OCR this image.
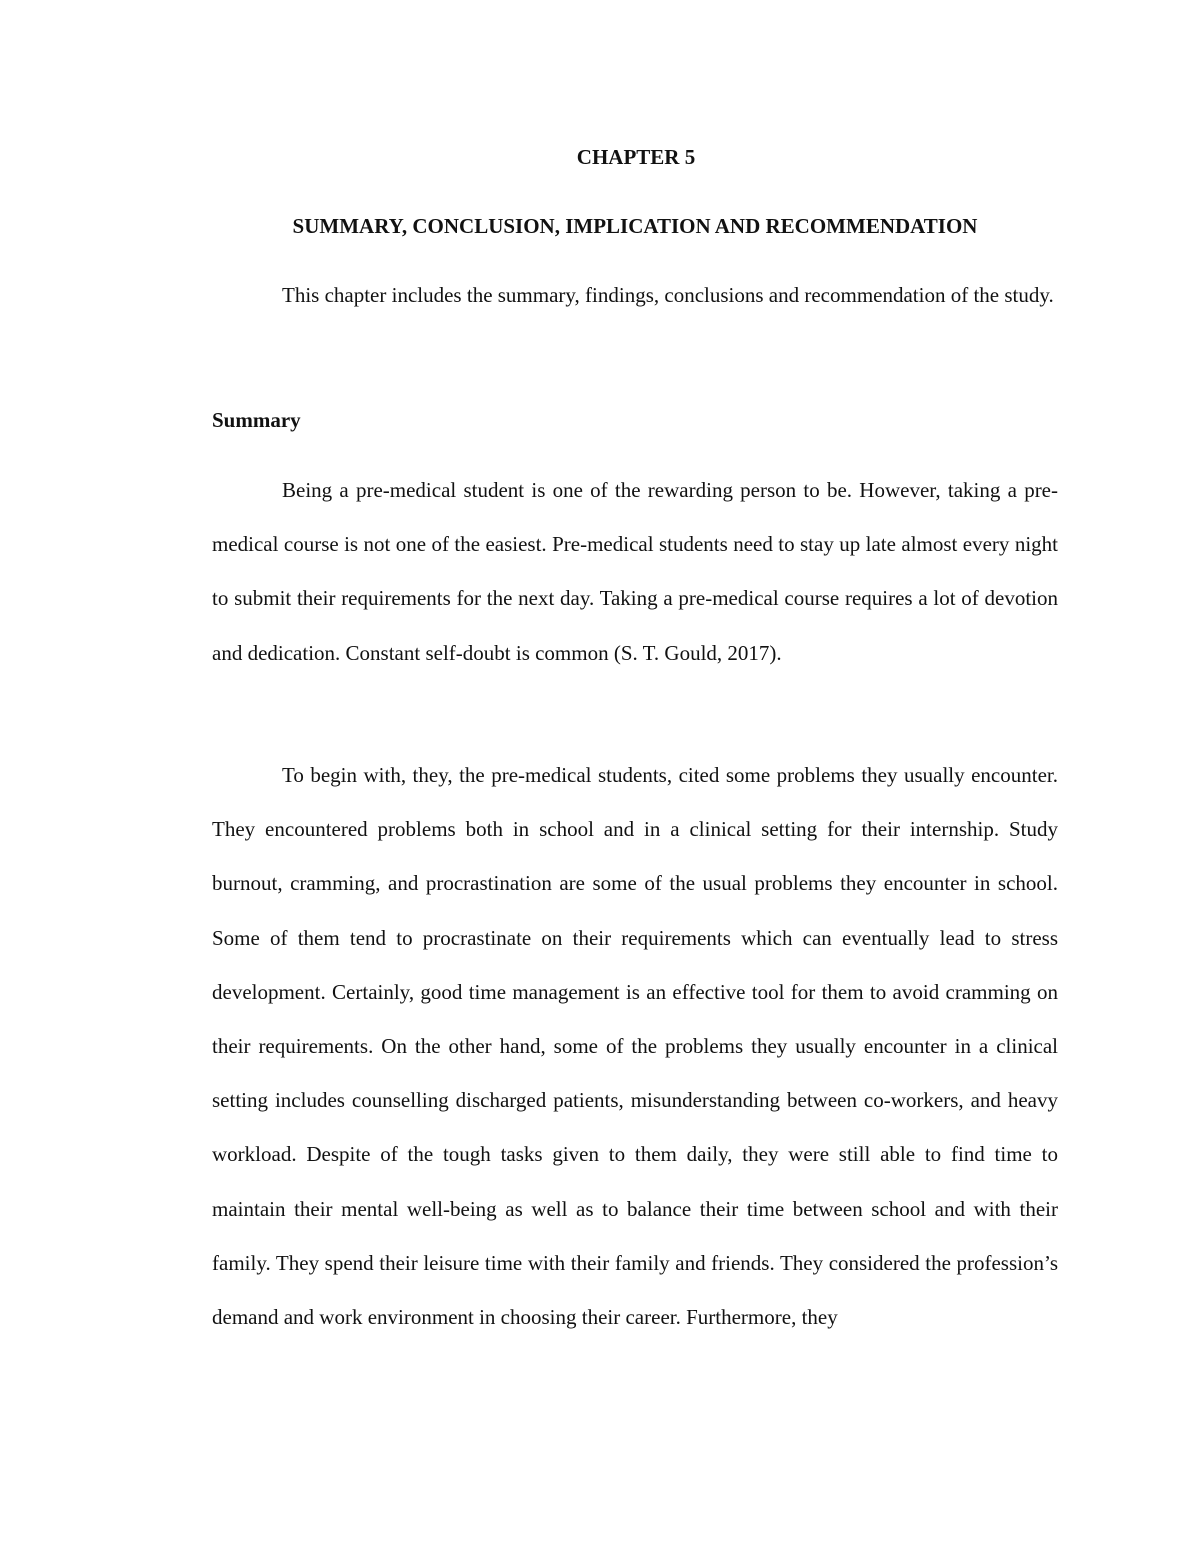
CHAPTER 5
SUMMARY, CONCLUSION, IMPLICATION AND RECOMMENDATION

This chapter includes the summary, findings, conclusions and recommendation of the study.

Summary

Being a pre-medical student is one of the rewarding person to be. However, taking a pre-medical course is not one of the easiest. Pre-medical students need to stay up late almost every night to submit their requirements for the next day. Taking a pre-medical course requires a lot of devotion and dedication. Constant self-doubt is common (S. T. Gould, 2017).

To begin with, they, the pre-medical students, cited some problems they usually encounter. They encountered problems both in school and in a clinical setting for their internship. Study burnout, cramming, and procrastination are some of the usual problems they encounter in school. Some of them tend to procrastinate on their requirements which can eventually lead to stress development. Certainly, good time management is an effective tool for them to avoid cramming on their requirements. On the other hand, some of the problems they usually encounter in a clinical setting includes counselling discharged patients, misunderstanding between co-workers, and heavy workload. Despite of the tough tasks given to them daily, they were still able to find time to maintain their mental well-being as well as to balance their time between school and with their family. They spend their leisure time with their family and friends. They considered the profession’s demand and work environment in choosing their career. Furthermore, they
